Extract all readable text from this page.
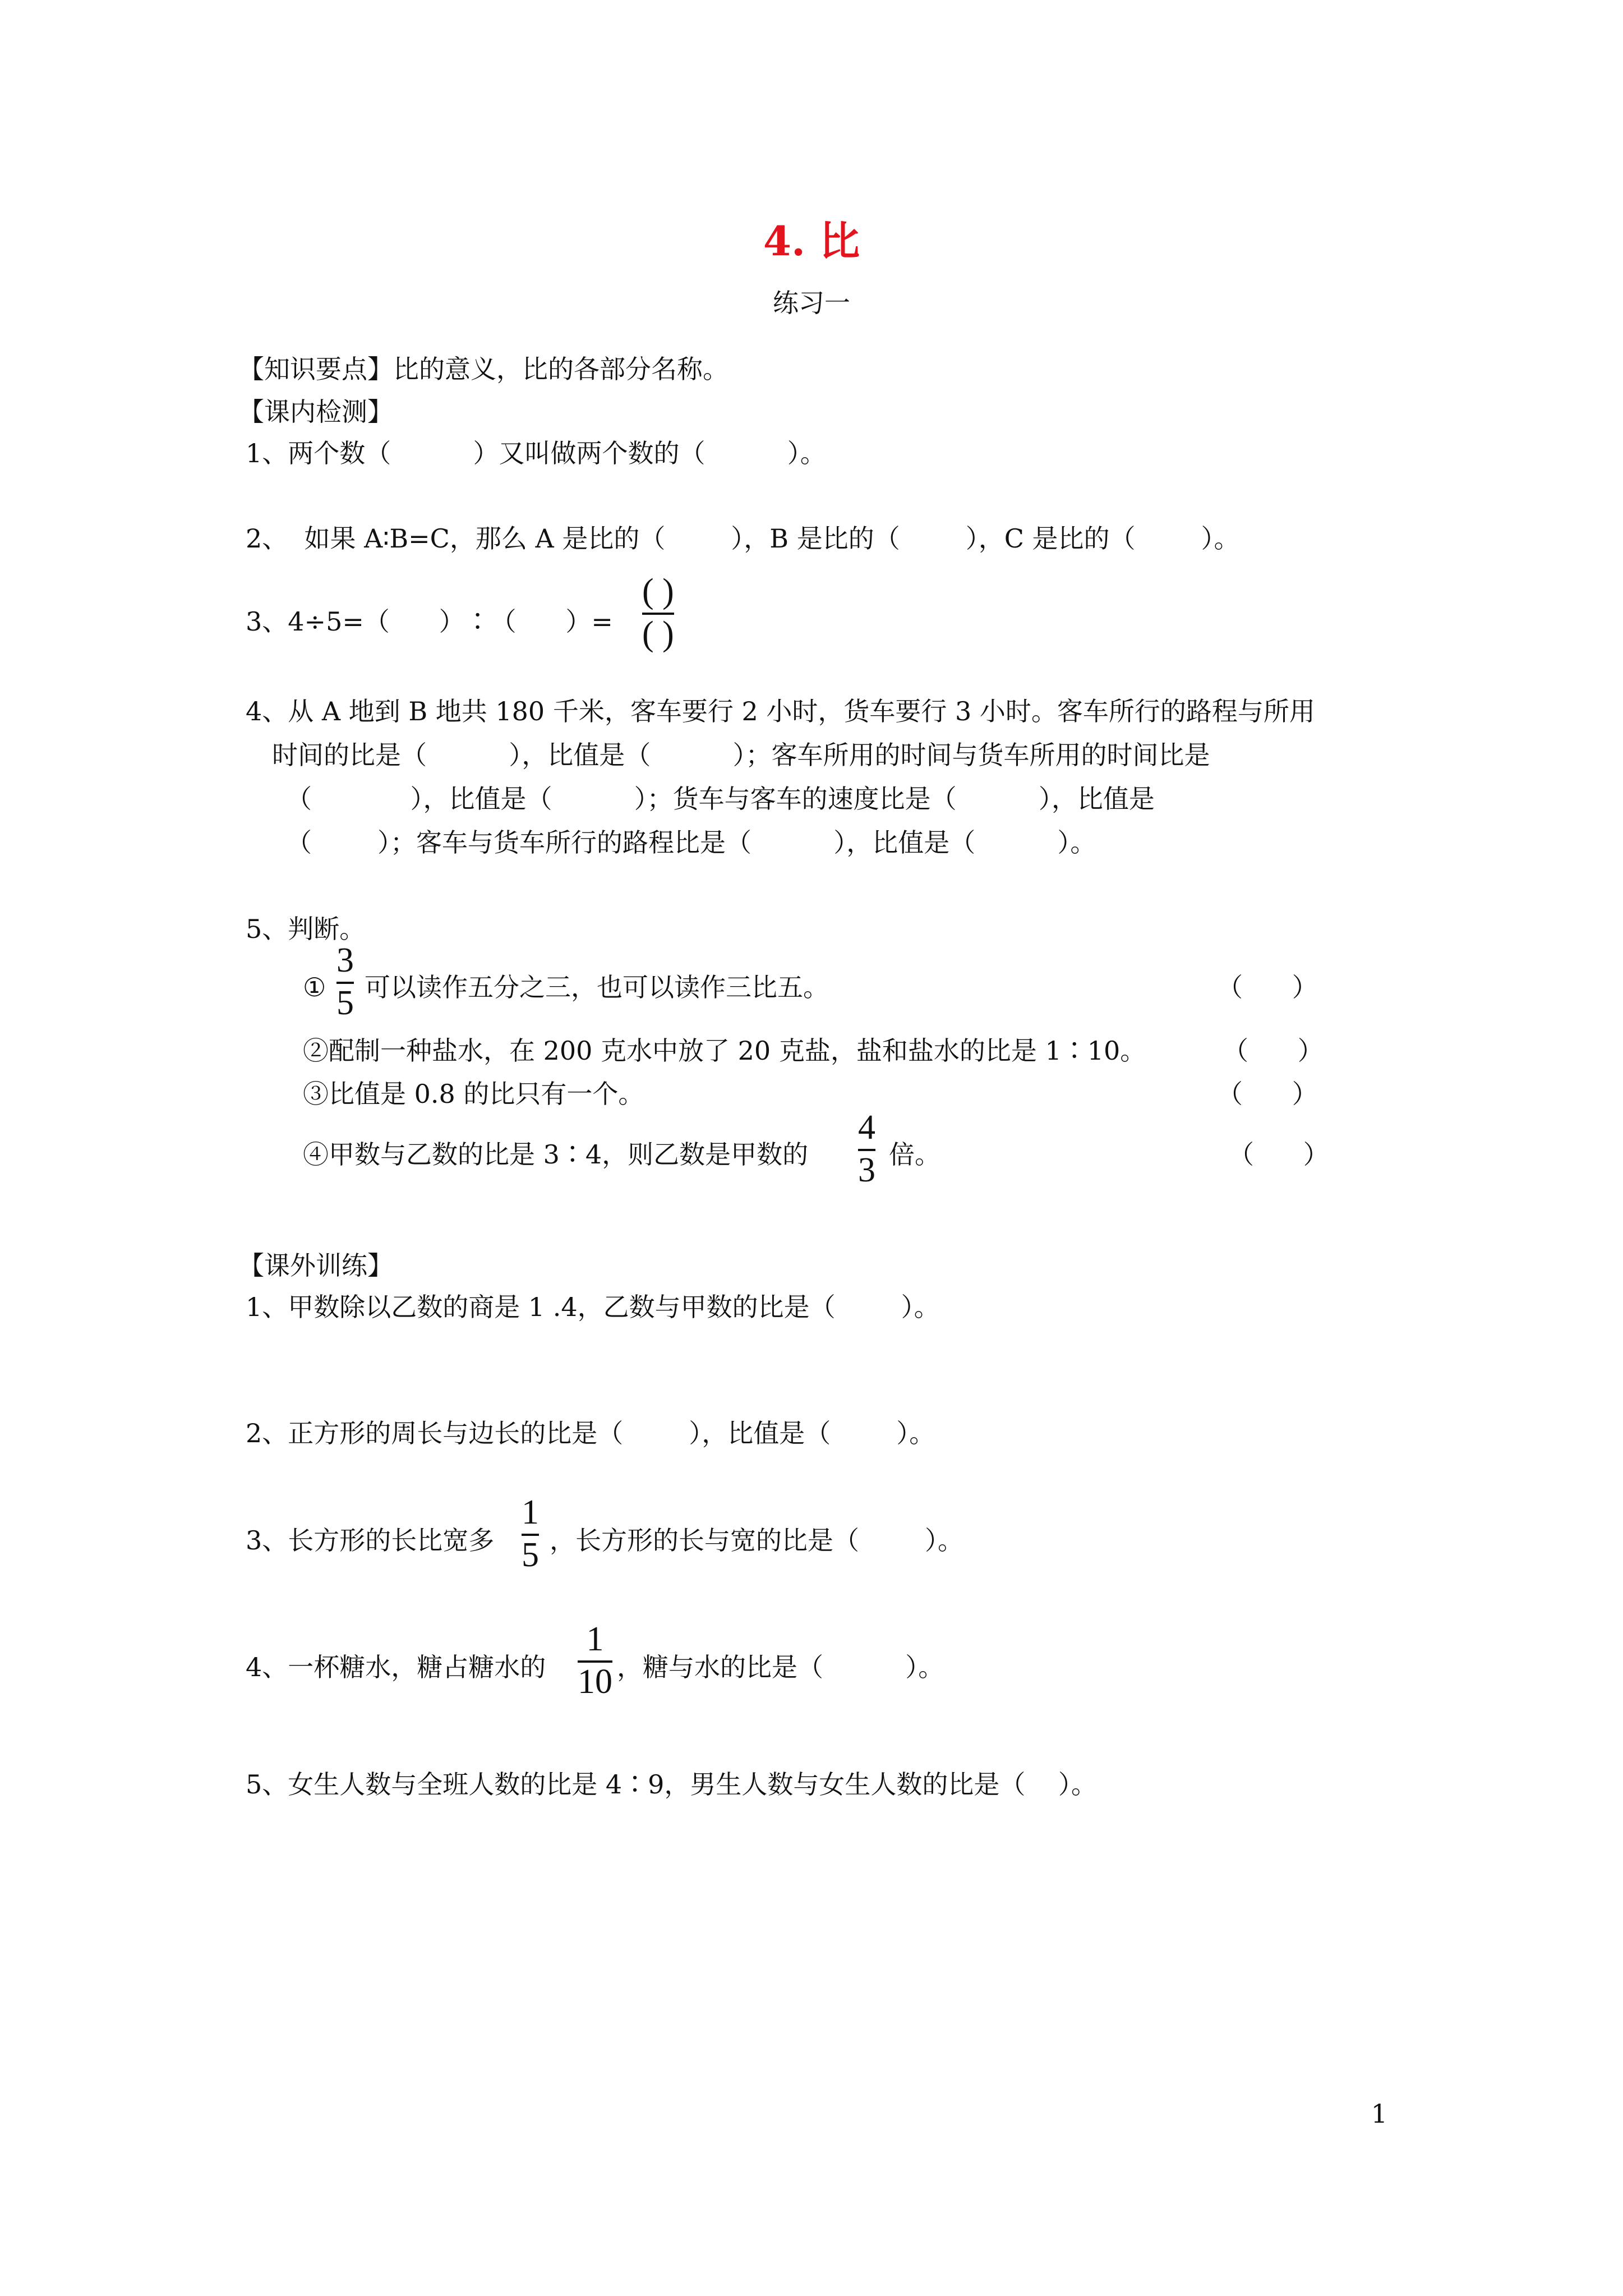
4. 比
练习一
【知识要点】比的意义，比的各部分名称。
【课内检测】
1、两个数（          ）又叫做两个数的（          ）。
2、  如果 A∶B=C，那么 A 是比的（        ），B 是比的（        ），C 是比的（        ）。
3、4÷5=（      ）∶（      ）=
( )
( )
4、从 A 地到 B 地共 180 千米，客车要行 2 小时，货车要行 3 小时。客车所行的路程与所用
时间的比是（          ），比值是（          ）；客车所用的时间与货车所用的时间比是
（            ），比值是（          ）；货车与客车的速度比是（          ），比值是
（        ）；客车与货车所行的路程比是（          ），比值是（          ）。
5、判断。
①
3
5 可以读作五分之三，也可以读作三比五。	（      ）
②配制一种盐水，在 200 克水中放了 20 克盐，盐和盐水的比是 1∶10。	（      ）
③比值是 0.8 的比只有一个。	（      ）
④甲数与乙数的比是 3∶4，则乙数是甲数的
4
3 倍。	（      ）
【课外训练】
1、甲数除以乙数的商是 1 .4，乙数与甲数的比是（        ）。
2、正方形的周长与边长的比是（        ），比值是（        ）。
3、长方形的长比宽多
1
5 ，长方形的长与宽的比是（        ）。
4、一杯糖水，糖占糖水的
1
10 ，糖与水的比是（          ）。
5、女生人数与全班人数的比是 4∶9，男生人数与女生人数的比是（    ）。
1
